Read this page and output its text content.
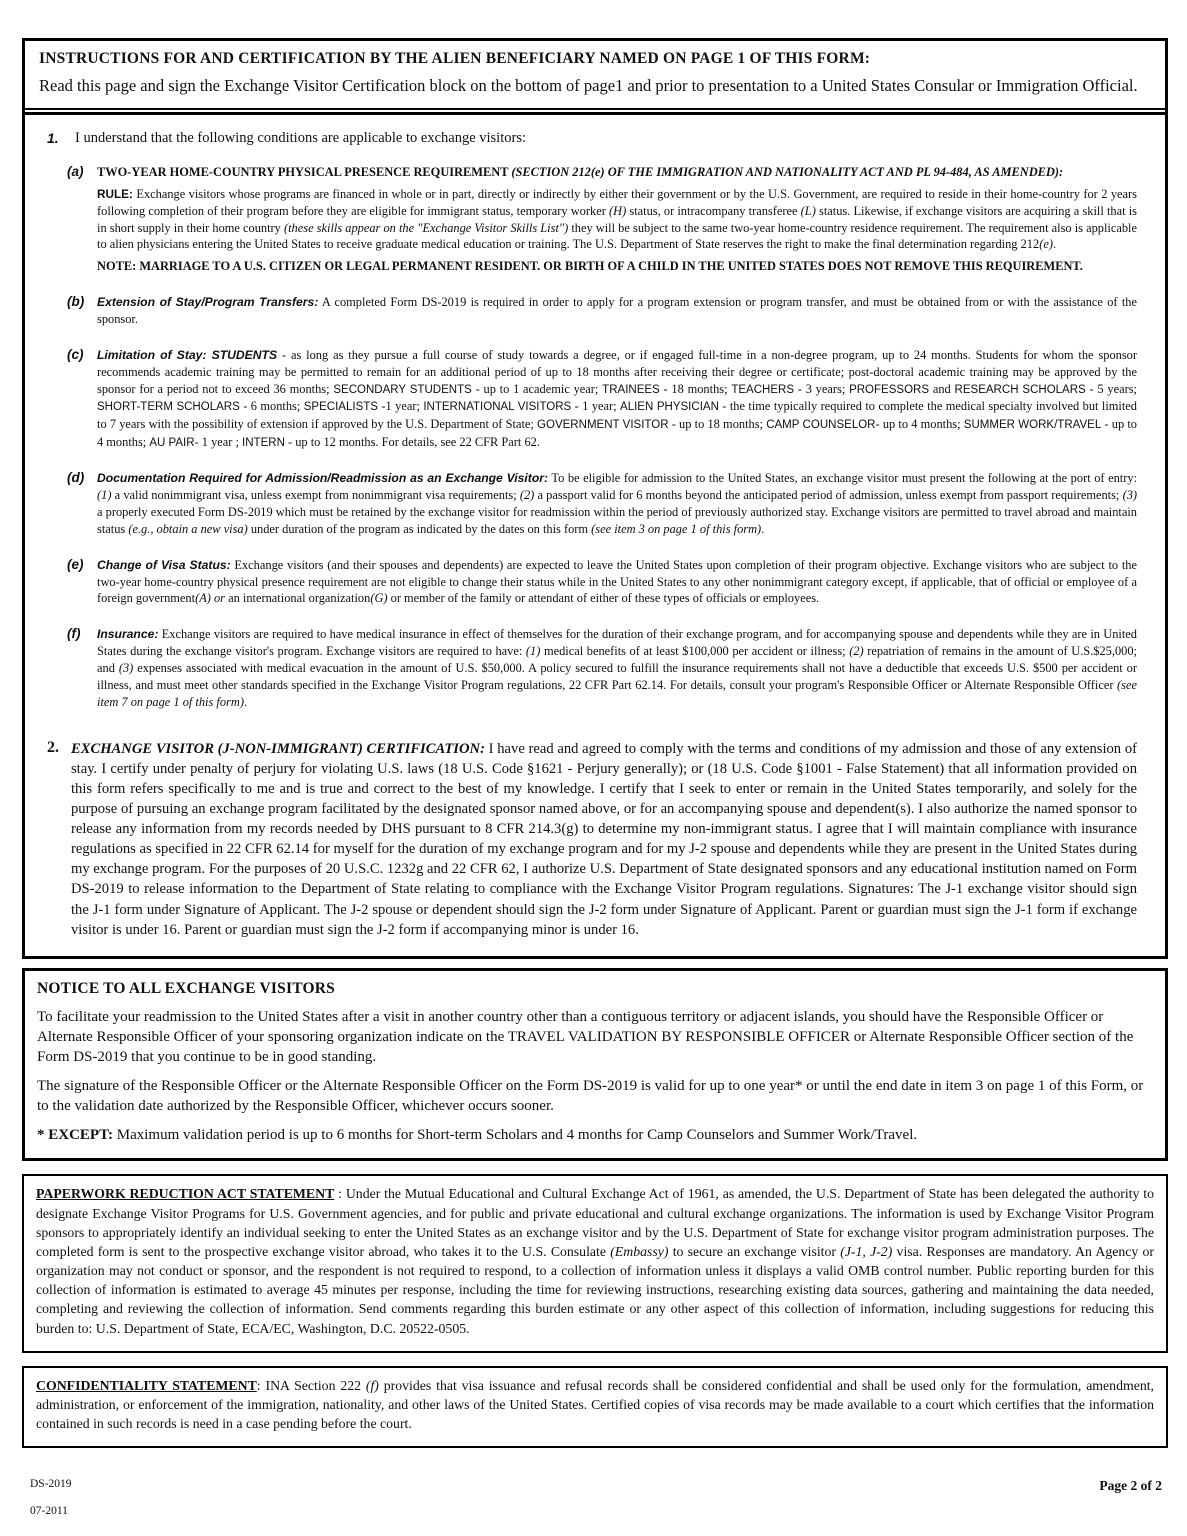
INSTRUCTIONS FOR AND CERTIFICATION BY THE ALIEN BENEFICIARY NAMED ON PAGE 1 OF THIS FORM:
Read this page and sign the Exchange Visitor Certification block on the bottom of page1 and prior to presentation to a United States Consular or Immigration Official.
1.	I understand that the following conditions are applicable to exchange visitors:
(a)	TWO-YEAR HOME-COUNTRY PHYSICAL PRESENCE REQUIREMENT (SECTION 212(e) OF THE IMMIGRATION AND NATIONALITY ACT AND PL 94-484, AS AMENDED):
RULE: Exchange visitors whose programs are financed in whole or in part, directly or indirectly by either their government or by the U.S. Government, are required to reside in their home-country for 2 years following completion of their program before they are eligible for immigrant status, temporary worker (H) status, or intracompany transferee (L) status. Likewise, if exchange visitors are acquiring a skill that is in short supply in their home country (these skills appear on the "Exchange Visitor Skills List") they will be subject to the same two-year home-country residence requirement. The requirement also is applicable to alien physicians entering the United States to receive graduate medical education or training. The U.S. Department of State reserves the right to make the final determination regarding 212(e).
NOTE: MARRIAGE TO A U.S. CITIZEN OR LEGAL PERMANENT RESIDENT. OR BIRTH OF A CHILD IN THE UNITED STATES DOES NOT REMOVE THIS REQUIREMENT.
(b)	Extension of Stay/Program Transfers: A completed Form DS-2019 is required in order to apply for a program extension or program transfer, and must be obtained from or with the assistance of the sponsor.
(c)	Limitation of Stay: STUDENTS - as long as they pursue a full course of study towards a degree, or if engaged full-time in a non-degree program, up to 24 months. Students for whom the sponsor recommends academic training may be permitted to remain for an additional period of up to 18 months after receiving their degree or certificate; post-doctoral academic training may be approved by the sponsor for a period not to exceed 36 months; SECONDARY STUDENTS - up to 1 academic year; TRAINEES - 18 months; TEACHERS - 3 years; PROFESSORS and RESEARCH SCHOLARS - 5 years; SHORT-TERM SCHOLARS - 6 months; SPECIALISTS -1 year; INTERNATIONAL VISITORS - 1 year; ALIEN PHYSICIAN - the time typically required to complete the medical specialty involved but limited to 7 years with the possibility of extension if approved by the U.S. Department of State; GOVERNMENT VISITOR - up to 18 months; CAMP COUNSELOR- up to 4 months; SUMMER WORK/TRAVEL - up to 4 months; AU PAIR- 1 year ; INTERN - up to 12 months. For details, see 22 CFR Part 62.
(d)	Documentation Required for Admission/Readmission as an Exchange Visitor: To be eligible for admission to the United States, an exchange visitor must present the following at the port of entry: (1) a valid nonimmigrant visa, unless exempt from nonimmigrant visa requirements; (2) a passport valid for 6 months beyond the anticipated period of admission, unless exempt from passport requirements; (3) a properly executed Form DS-2019 which must be retained by the exchange visitor for readmission within the period of previously authorized stay. Exchange visitors are permitted to travel abroad and maintain status (e.g., obtain a new visa) under duration of the program as indicated by the dates on this form (see item 3 on page 1 of this form).
(e)	Change of Visa Status: Exchange visitors (and their spouses and dependents) are expected to leave the United States upon completion of their program objective. Exchange visitors who are subject to the two-year home-country physical presence requirement are not eligible to change their status while in the United States to any other nonimmigrant category except, if applicable, that of official or employee of a foreign government(A) or an international organization(G) or member of the family or attendant of either of these types of officials or employees.
(f)	Insurance: Exchange visitors are required to have medical insurance in effect of themselves for the duration of their exchange program, and for accompanying spouse and dependents while they are in United States during the exchange visitor's program. Exchange visitors are required to have: (1) medical benefits of at least $100,000 per accident or illness; (2) repatriation of remains in the amount of U.S.$25,000; and (3) expenses associated with medical evacuation in the amount of U.S. $50,000. A policy secured to fulfill the insurance requirements shall not have a deductible that exceeds U.S. $500 per accident or illness, and must meet other standards specified in the Exchange Visitor Program regulations, 22 CFR Part 62.14. For details, consult your program's Responsible Officer or Alternate Responsible Officer (see item 7 on page 1 of this form).
2. EXCHANGE VISITOR (J-NON-IMMIGRANT) CERTIFICATION: I have read and agreed to comply with the terms and conditions of my admission and those of any extension of stay. I certify under penalty of perjury for violating U.S. laws (18 U.S. Code §1621 - Perjury generally); or (18 U.S. Code §1001 - False Statement) that all information provided on this form refers specifically to me and is true and correct to the best of my knowledge. I certify that I seek to enter or remain in the United States temporarily, and solely for the purpose of pursuing an exchange program facilitated by the designated sponsor named above, or for an accompanying spouse and dependent(s). I also authorize the named sponsor to release any information from my records needed by DHS pursuant to 8 CFR 214.3(g) to determine my non-immigrant status. I agree that I will maintain compliance with insurance regulations as specified in 22 CFR 62.14 for myself for the duration of my exchange program and for my J-2 spouse and dependents while they are present in the United States during my exchange program. For the purposes of 20 U.S.C. 1232g and 22 CFR 62, I authorize U.S. Department of State designated sponsors and any educational institution named on Form DS-2019 to release information to the Department of State relating to compliance with the Exchange Visitor Program regulations. Signatures: The J-1 exchange visitor should sign the J-1 form under Signature of Applicant. The J-2 spouse or dependent should sign the J-2 form under Signature of Applicant. Parent or guardian must sign the J-1 form if exchange visitor is under 16. Parent or guardian must sign the J-2 form if accompanying minor is under 16.
NOTICE TO ALL EXCHANGE VISITORS

To facilitate your readmission to the United States after a visit in another country other than a contiguous territory or adjacent islands, you should have the Responsible Officer or Alternate Responsible Officer of your sponsoring organization indicate on the TRAVEL VALIDATION BY RESPONSIBLE OFFICER or Alternate Responsible Officer section of the Form DS-2019 that you continue to be in good standing.

The signature of the Responsible Officer or the Alternate Responsible Officer on the Form DS-2019 is valid for up to one year* or until the end date in item 3 on page 1 of this Form, or to the validation date authorized by the Responsible Officer, whichever occurs sooner.

* EXCEPT: Maximum validation period is up to 6 months for Short-term Scholars and 4 months for Camp Counselors and Summer Work/Travel.

PAPERWORK REDUCTION ACT STATEMENT : Under the Mutual Educational and Cultural Exchange Act of 1961, as amended, the U.S. Department of State has been delegated the authority to designate Exchange Visitor Programs for U.S. Government agencies, and for public and private educational and cultural exchange organizations. The information is used by Exchange Visitor Program sponsors to appropriately identify an individual seeking to enter the United States as an exchange visitor and by the U.S. Department of State for exchange visitor program administration purposes. The completed form is sent to the prospective exchange visitor abroad, who takes it to the U.S. Consulate (Embassy) to secure an exchange visitor (J-1, J-2) visa. Responses are mandatory. An Agency or organization may not conduct or sponsor, and the respondent is not required to respond, to a collection of information unless it displays a valid OMB control number. Public reporting burden for this collection of information is estimated to average 45 minutes per response, including the time for reviewing instructions, researching existing data sources, gathering and maintaining the data needed, completing and reviewing the collection of information. Send comments regarding this burden estimate or any other aspect of this collection of information, including suggestions for reducing this burden to: U.S. Department of State, ECA/EC, Washington, D.C. 20522-0505.
CONFIDENTIALITY STATEMENT: INA Section 222 (f) provides that visa issuance and refusal records shall be considered confidential and shall be used only for the formulation, amendment, administration, or enforcement of the immigration, nationality, and other laws of the United States. Certified copies of visa records may be made available to a court which certifies that the information contained in such records is need in a case pending before the court.
DS-2019
07-2011
Page 2 of 2
